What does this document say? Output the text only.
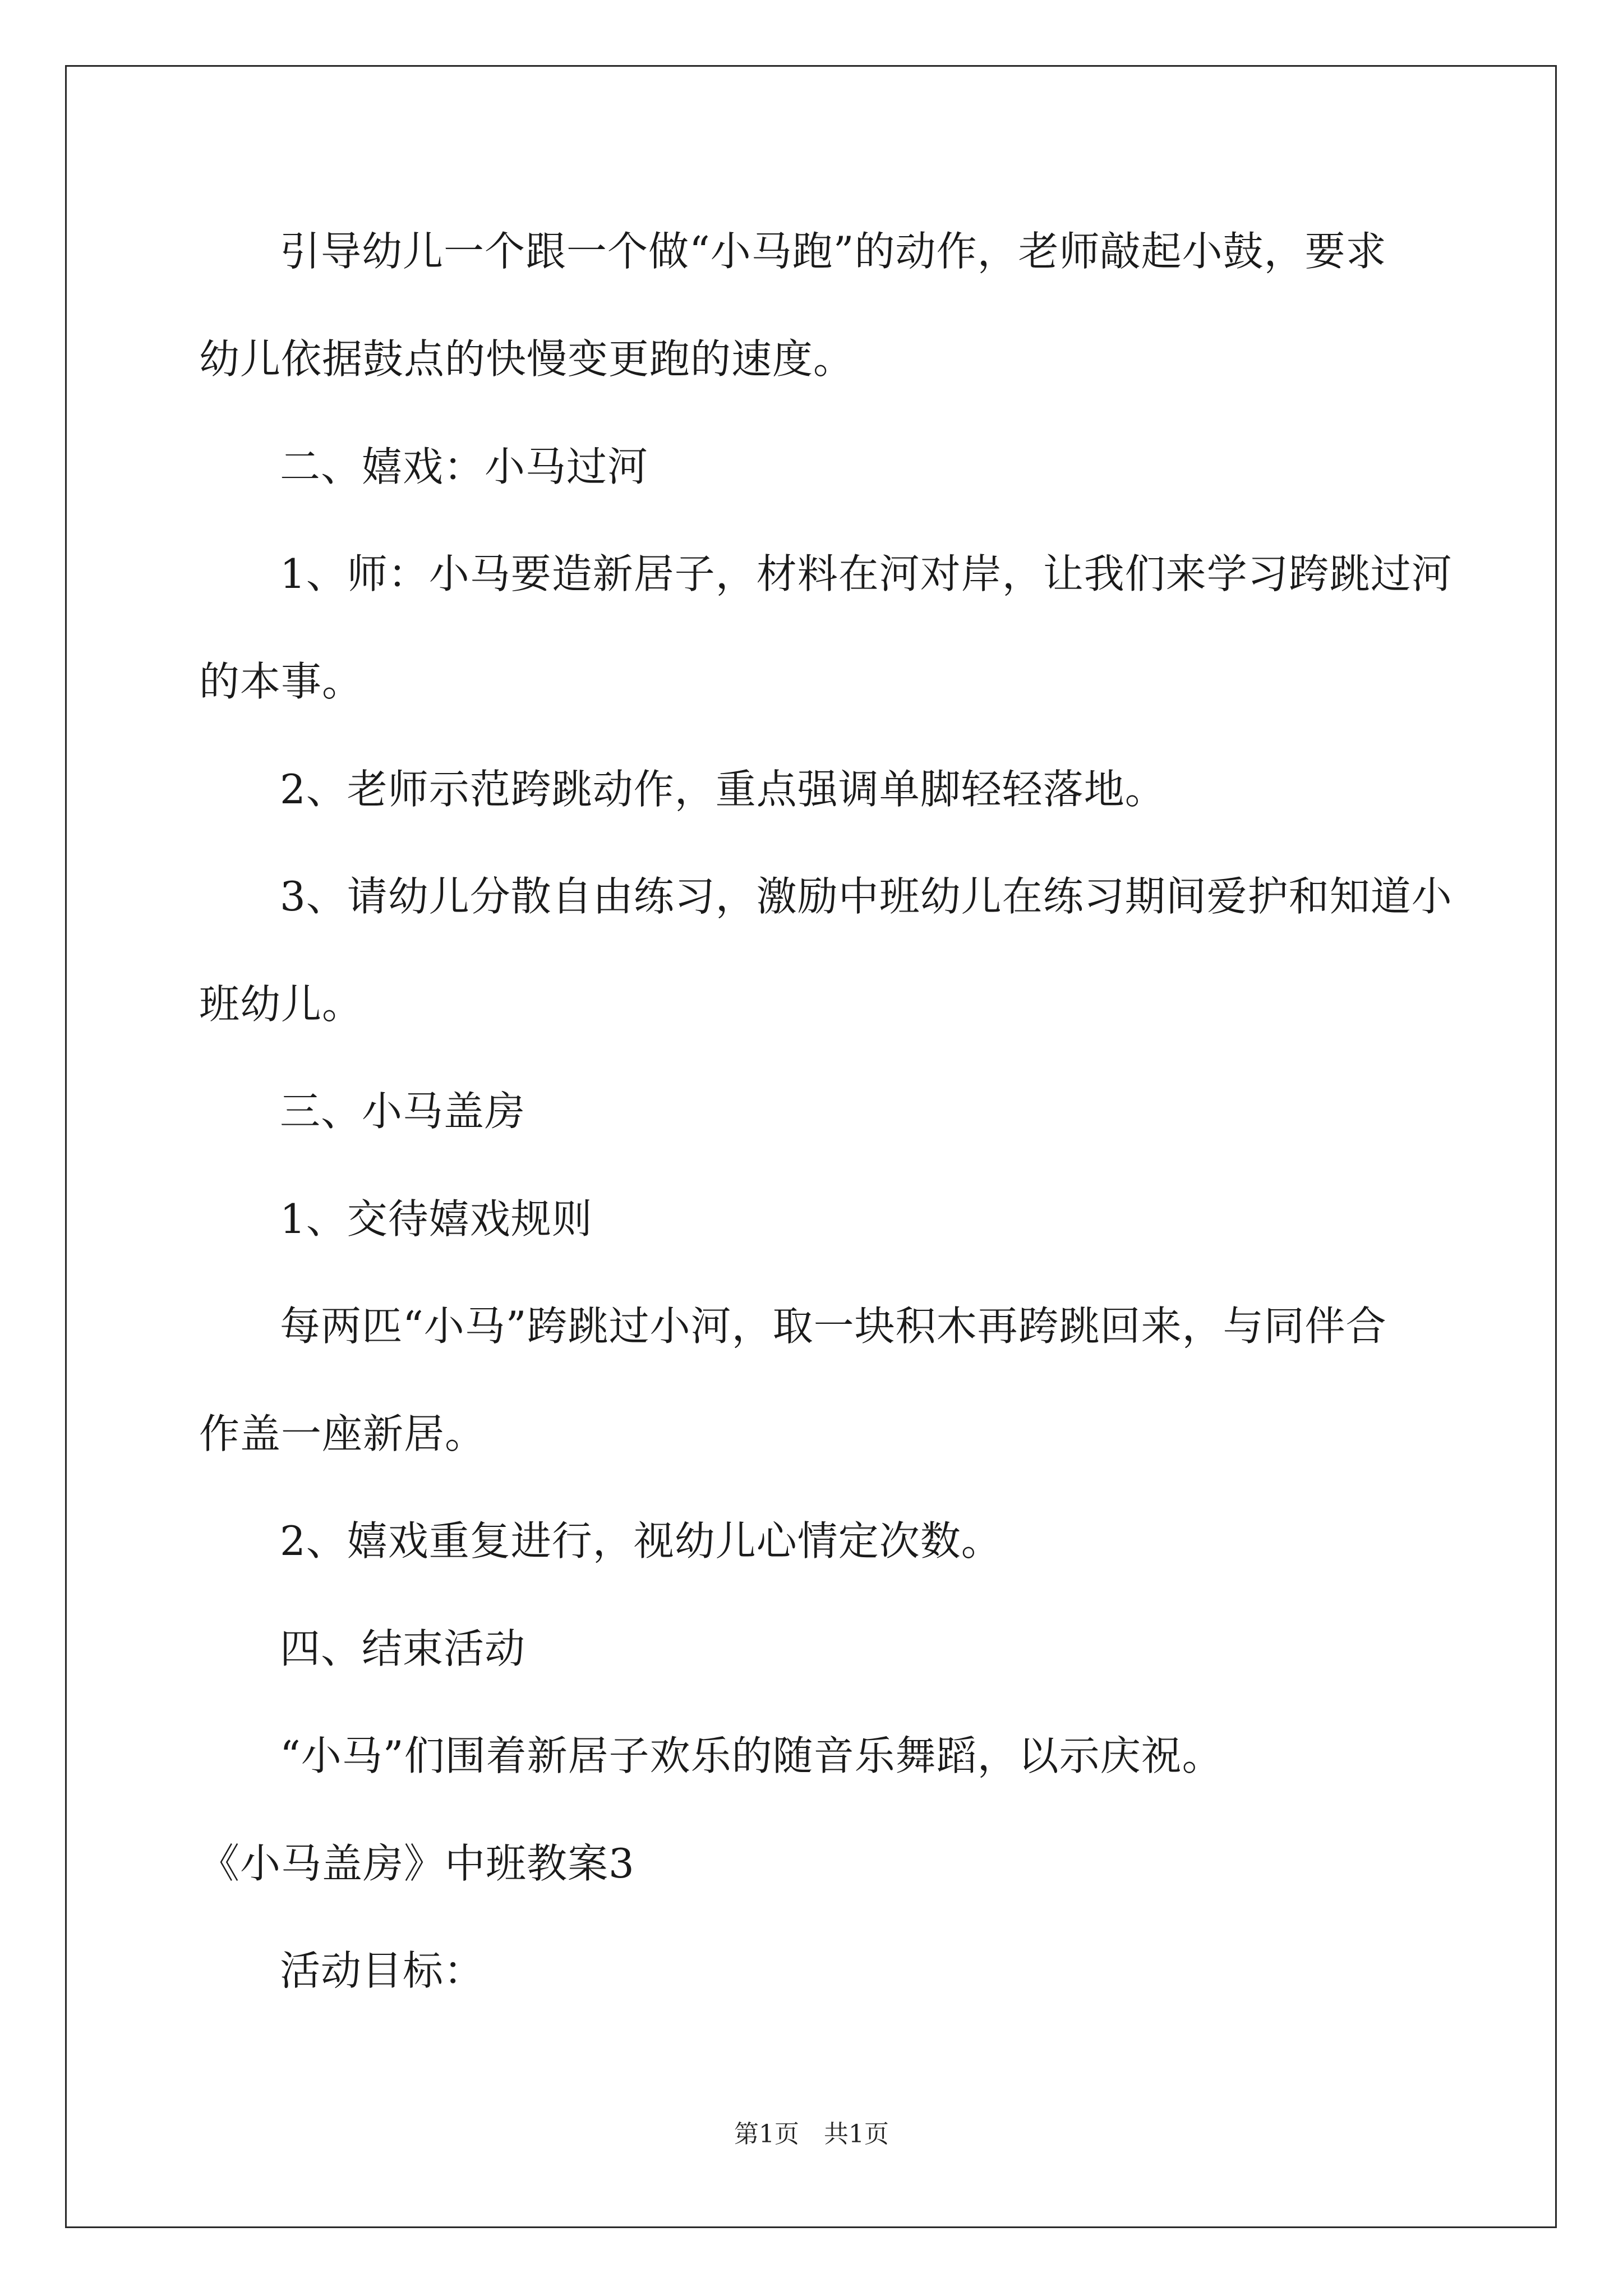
引导幼儿一个跟一个做“小马跑”的动作，老师敲起小鼓，要求
幼儿依据鼓点的快慢变更跑的速度。
二、嬉戏：小马过河
1、师：小马要造新居子，材料在河对岸，让我们来学习跨跳过河
的本事。
2、老师示范跨跳动作，重点强调单脚轻轻落地。
3、请幼儿分散自由练习，激励中班幼儿在练习期间爱护和知道小
班幼儿。
三、小马盖房
1、交待嬉戏规则
每两匹“小马”跨跳过小河，取一块积木再跨跳回来，与同伴合
作盖一座新居。
2、嬉戏重复进行，视幼儿心情定次数。
四、结束活动
“小马”们围着新居子欢乐的随音乐舞蹈，以示庆祝。
《小马盖房》中班教案3
活动目标：
第1页　共1页
